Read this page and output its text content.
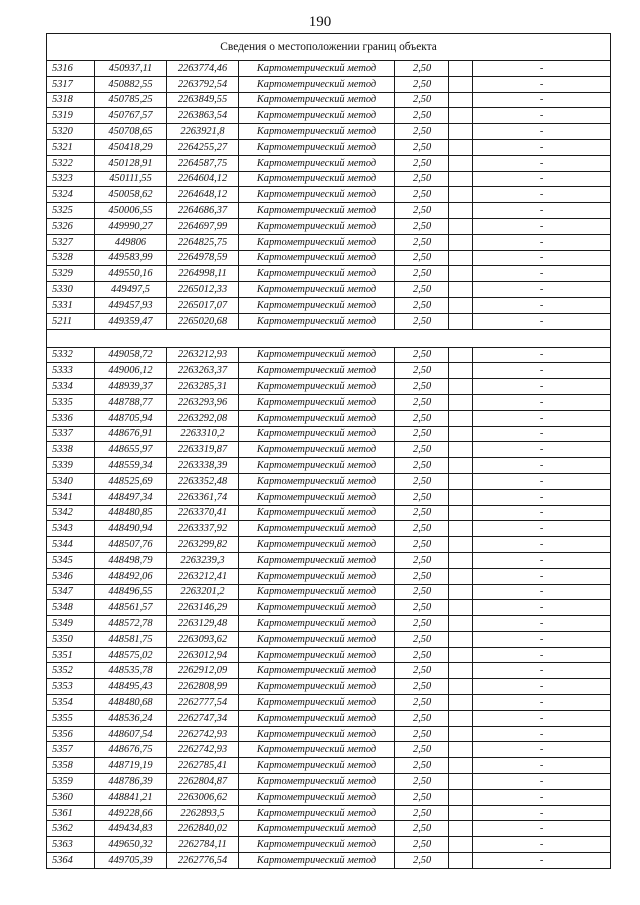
190
Сведения о местоположении границ объекта						
5316	450937,11	2263774,46	Картометрический метод	2,50		-
5317	450882,55	2263792,54	Картометрический метод	2,50		-
5318	450785,25	2263849,55	Картометрический метод	2,50		-
5319	450767,57	2263863,54	Картометрический метод	2,50		-
5320	450708,65	2263921,8	Картометрический метод	2,50		-
5321	450418,29	2264255,27	Картометрический метод	2,50		-
5322	450128,91	2264587,75	Картометрический метод	2,50		-
5323	450111,55	2264604,12	Картометрический метод	2,50		-
5324	450058,62	2264648,12	Картометрический метод	2,50		-
5325	450006,55	2264686,37	Картометрический метод	2,50		-
5326	449990,27	2264697,99	Картометрический метод	2,50		-
5327	449806	2264825,75	Картометрический метод	2,50		-
5328	449583,99	2264978,59	Картометрический метод	2,50		-
5329	449550,16	2264998,11	Картометрический метод	2,50		-
5330	449497,5	2265012,33	Картометрический метод	2,50		-
5331	449457,93	2265017,07	Картометрический метод	2,50		-
5211	449359,47	2265020,68	Картометрический метод	2,50		-

5332	449058,72	2263212,93	Картометрический метод	2,50		-
5333	449006,12	2263263,37	Картометрический метод	2,50		-
5334	448939,37	2263285,31	Картометрический метод	2,50		-
5335	448788,77	2263293,96	Картометрический метод	2,50		-
5336	448705,94	2263292,08	Картометрический метод	2,50		-
5337	448676,91	2263310,2	Картометрический метод	2,50		-
5338	448655,97	2263319,87	Картометрический метод	2,50		-
5339	448559,34	2263338,39	Картометрический метод	2,50		-
5340	448525,69	2263352,48	Картометрический метод	2,50		-
5341	448497,34	2263361,74	Картометрический метод	2,50		-
5342	448480,85	2263370,41	Картометрический метод	2,50		-
5343	448490,94	2263337,92	Картометрический метод	2,50		-
5344	448507,76	2263299,82	Картометрический метод	2,50		-
5345	448498,79	2263239,3	Картометрический метод	2,50		-
5346	448492,06	2263212,41	Картометрический метод	2,50		-
5347	448496,55	2263201,2	Картометрический метод	2,50		-
5348	448561,57	2263146,29	Картометрический метод	2,50		-
5349	448572,78	2263129,48	Картометрический метод	2,50		-
5350	448581,75	2263093,62	Картометрический метод	2,50		-
5351	448575,02	2263012,94	Картометрический метод	2,50		-
5352	448535,78	2262912,09	Картометрический метод	2,50		-
5353	448495,43	2262808,99	Картометрический метод	2,50		-
5354	448480,68	2262777,54	Картометрический метод	2,50		-
5355	448536,24	2262747,34	Картометрический метод	2,50		-
5356	448607,54	2262742,93	Картометрический метод	2,50		-
5357	448676,75	2262742,93	Картометрический метод	2,50		-
5358	448719,19	2262785,41	Картометрический метод	2,50		-
5359	448786,39	2262804,87	Картометрический метод	2,50		-
5360	448841,21	2263006,62	Картометрический метод	2,50		-
5361	449228,66	2262893,5	Картометрический метод	2,50		-
5362	449434,83	2262840,02	Картометрический метод	2,50		-
5363	449650,32	2262784,11	Картометрический метод	2,50		-
5364	449705,39	2262776,54	Картометрический метод	2,50		-
